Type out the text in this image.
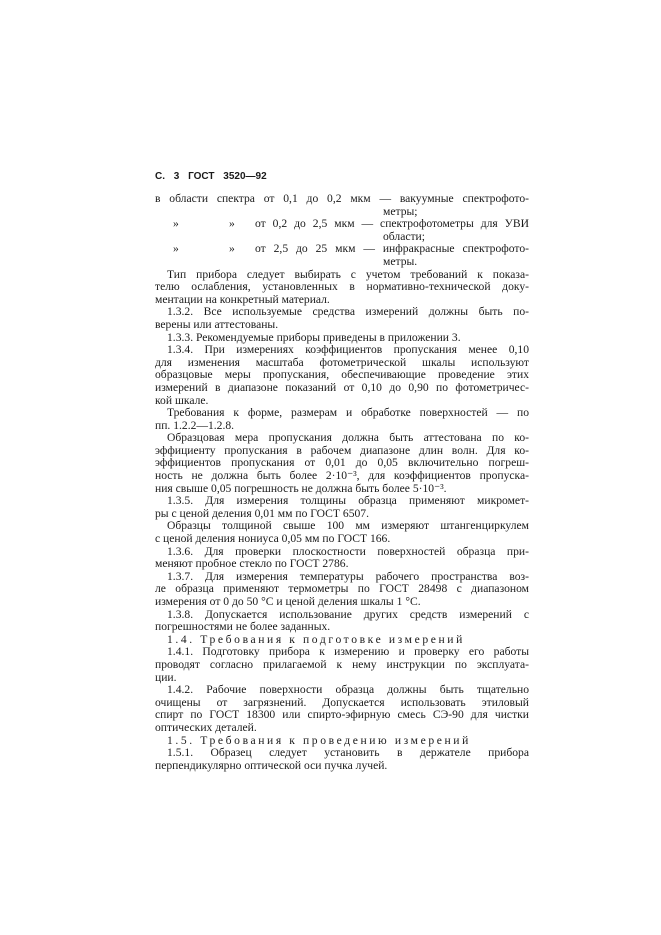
С. 3 ГОСТ 3520—92
в области спектра от 0,1 до 0,2 мкм — вакуумные спектрофото-
метры;
»	» от 0,2 до 2,5 мкм — спектрофотометры для УВИ
области;
»	» от 2,5 до 25 мкм — инфракрасные спектрофото-
метры.
Тип прибора следует выбирать с учетом требований к показа-
телю ослабления, установленных в нормативно-технической доку-
ментации на конкретный материал.
1.3.2. Все используемые средства измерений должны быть по-
верены или аттестованы.
1.3.3. Рекомендуемые приборы приведены в приложении 3.
1.3.4. При измерениях коэффициентов пропускания менее 0,10
для изменения масштаба фотометрической шкалы используют
образцовые меры пропускания, обеспечивающие проведение этих
измерений в диапазоне показаний от 0,10 до 0,90 по фотометричес-
кой шкале.
Требования к форме, размерам и обработке поверхностей — по
пп. 1.2.2—1.2.8.
Образцовая мера пропускания должна быть аттестована по ко-
эффициенту пропускания в рабочем диапазоне длин волн. Для ко-
эффициентов пропускания от 0,01 до 0,05 включительно погреш-
ность не должна быть более 2·10⁻³, для коэффициентов пропуска-
ния свыше 0,05 погрешность не должна быть более 5·10⁻³.
1.3.5. Для измерения толщины образца применяют микромет-
ры с ценой деления 0,01 мм по ГОСТ 6507.
Образцы толщиной свыше 100 мм измеряют штангенциркулем
с ценой деления нониуса 0,05 мм по ГОСТ 166.
1.3.6. Для проверки плоскостности поверхностей образца при-
меняют пробное стекло по ГОСТ 2786.
1.3.7. Для измерения температуры рабочего пространства воз-
ле образца применяют термометры по ГОСТ 28498 с диапазоном
измерения от 0 до 50 °С и ценой деления шкалы 1 °С.
1.3.8. Допускается использование других средств измерений с
погрешностями не более заданных.
1.4. Требования к подготовке измерений
1.4.1. Подготовку прибора к измерению и проверку его работы
проводят согласно прилагаемой к нему инструкции по эксплуата-
ции.
1.4.2. Рабочие поверхности образца должны быть тщательно
очищены от загрязнений. Допускается использовать этиловый
спирт по ГОСТ 18300 или спирто-эфирную смесь СЭ-90 для чистки
оптических деталей.
1.5. Требования к проведению измерений
1.5.1. Образец следует установить в держателе прибора
перпендикулярно оптической оси пучка лучей.
